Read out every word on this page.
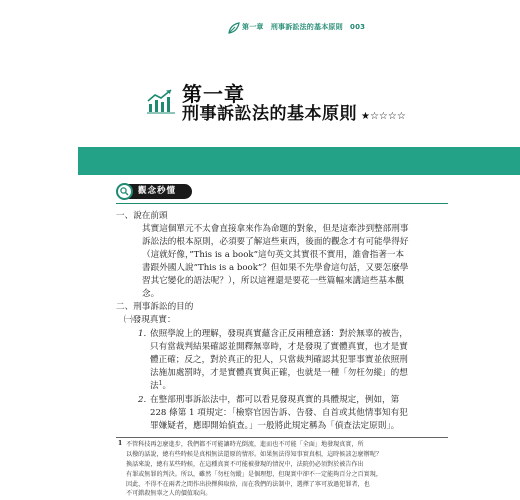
第一章　刑事訴訟法的基本原則　003
第一章
刑事訴訟法的基本原則 ★☆☆☆☆
觀念秒懂
一、說在前頭
其實這個單元不太會直接拿來作為命題的對象，但是這牽涉到整部刑事
訴訟法的根本原則，必須要了解這些東西，後面的觀念才有可能學得好
（這就好像，”This is a book”這句英文其實很不實用，誰會指著一本
書跟外國人說”This is a book”？但如果不先學會這句話，又要怎麼學
習其它變化的語法呢？），所以這裡還是要花一些篇幅來講這些基本觀
念。
二、刑事訴訟的目的
㈠發現真實：
1. 依照學說上的理解，發現真實蘊含正反兩種意涵：對於無辜的被告，
只有當裁判結果確認並開釋無辜時，才是發現了實體真實，也才是實
體正確；反之，對於真正的犯人，只當裁判確認其犯罪事實並依照刑
法施加處罰時，才是實體真實與正確，也就是一種「勿枉勿縱」的想
法$^1$。
2. 在整部刑事訴訟法中，都可以看見發現真實的具體規定，例如，第
228 條第 1 項規定：「檢察官因告訴、告發、自首或其他情事知有犯
罪嫌疑者，應即開始偵查。」一般將此規定稱為「偵查法定原則」。
1 不管科技再怎麼進步，我們都不可能讓時光倒流，進而也不可能「全面」地發現真實，所
以撥的話說，總有些時候是真相無法還原的情形。如果無法得知事實真相，這時候該怎麼辦呢？
換話來說，總有某些時候，在這種真實不可能被發現的情況中，法院仍必須對於被告作出
有罪或無罪的判決。所以，雖然「勿枉勿縱」是個理想，但現實中卻不一定能夠百分之百實現，
因此，不得不在兩者之間作出抉擇與取捨，而在我們的法制中，選擇了寧可放過犯罪者，也
不可錯殺無辜之人的價值取向。
